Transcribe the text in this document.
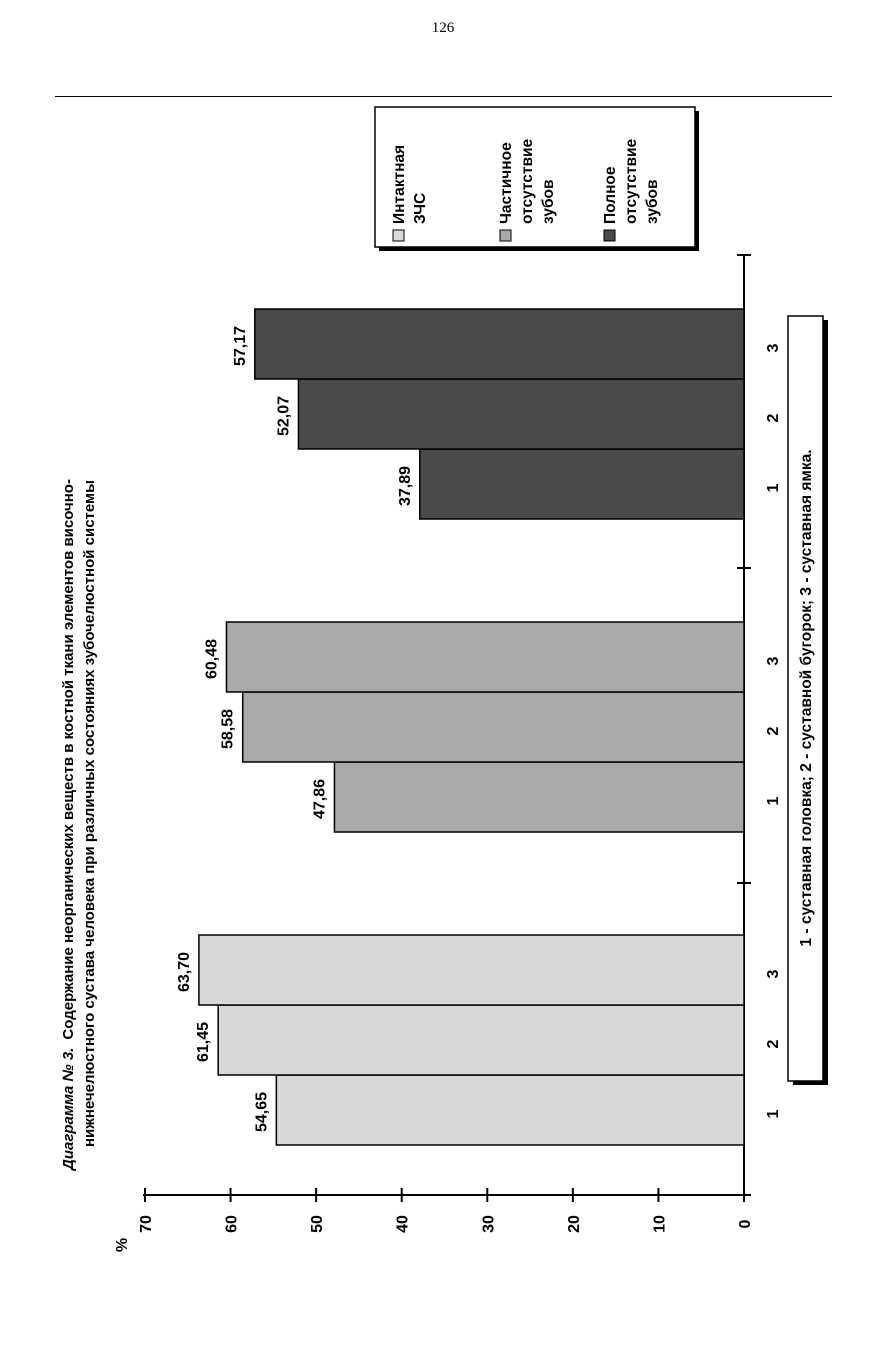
126
Диаграмма № 3.Содержание неорганических веществ в костной ткани элементов височно- нижнечелюстного сустава человека при различных состояниях зубочелюстной системы
%
0
10
20
30
40
50
60
70
54,65
61,45
63,70
47,86
58,58
60,48
37,89
52,07
57,17
1
2
3
1
2
3
1
2
3
1 - суставная головка; 2 - суставной бугорок; 3 - суставная ямка.
Интактная ЗЧС	Частичное отсутствие зубов	Полное отсутствие зубов
